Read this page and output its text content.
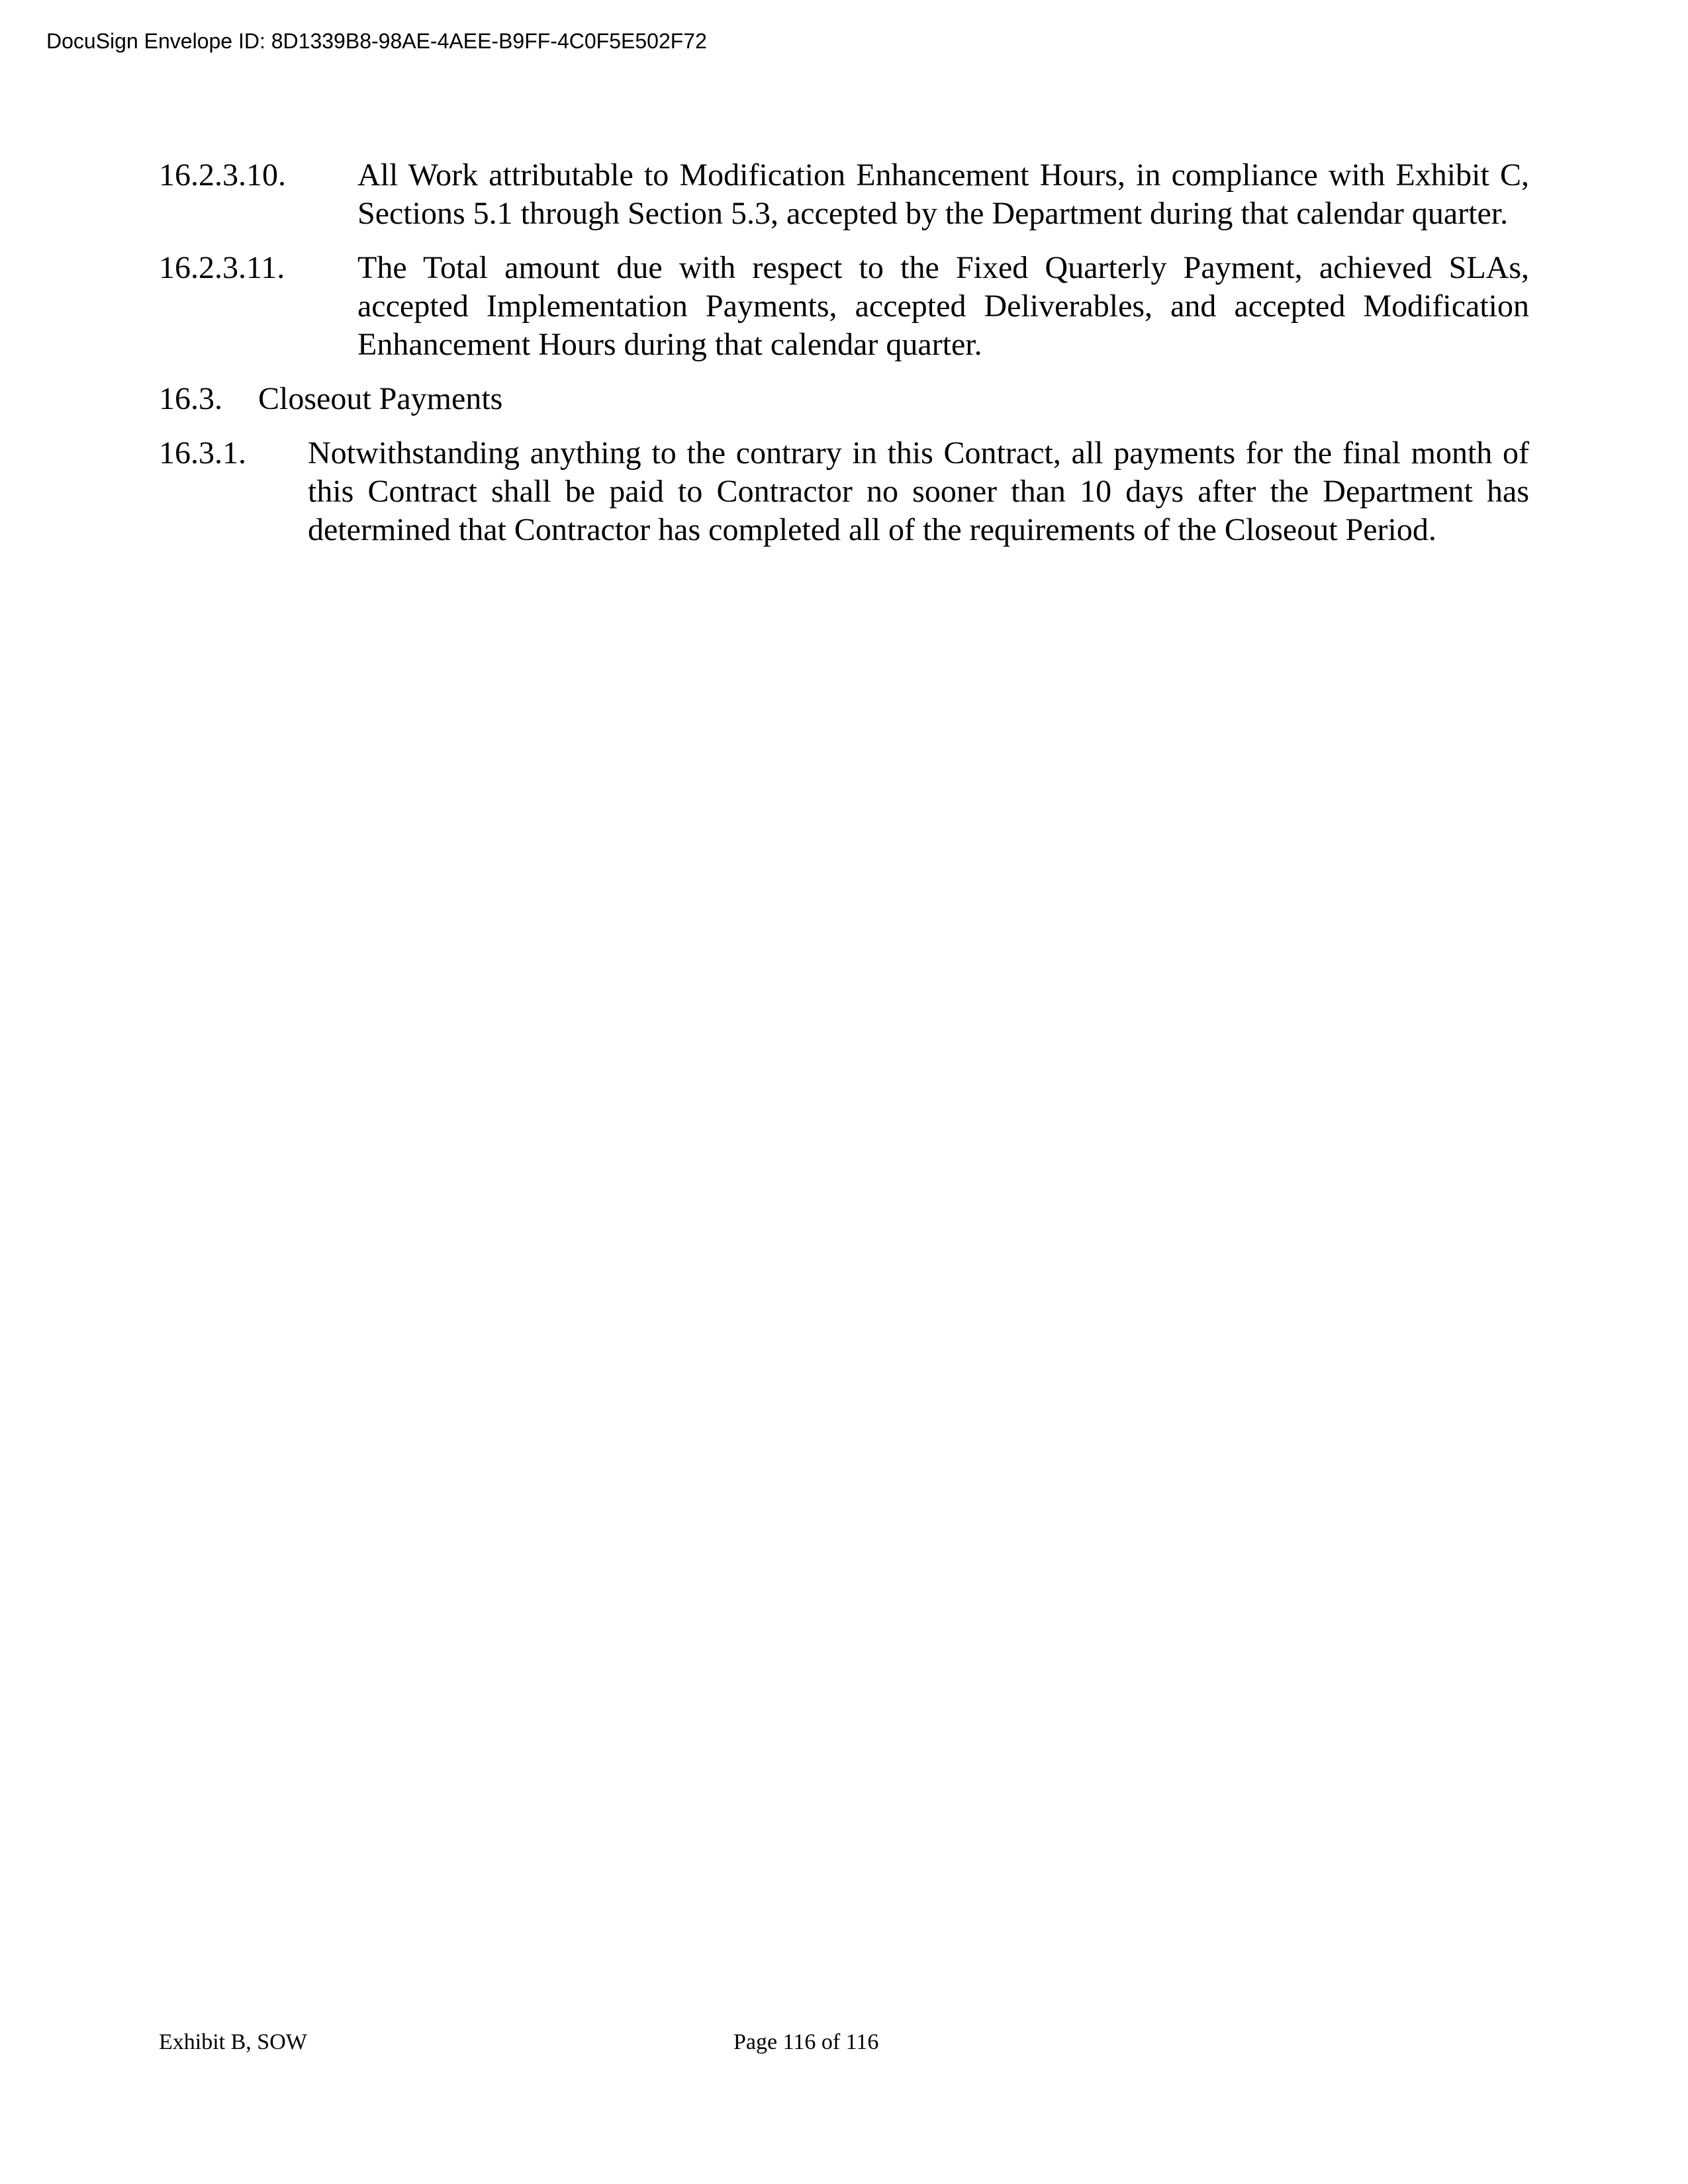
DocuSign Envelope ID: 8D1339B8-98AE-4AEE-B9FF-4C0F5E502F72
16.2.3.10.	All Work attributable to Modification Enhancement Hours, in compliance with Exhibit C, Sections 5.1 through Section 5.3, accepted by the Department during that calendar quarter.
16.2.3.11.	The Total amount due with respect to the Fixed Quarterly Payment, achieved SLAs, accepted Implementation Payments, accepted Deliverables, and accepted Modification Enhancement Hours during that calendar quarter.
16.3.	Closeout Payments
16.3.1.	Notwithstanding anything to the contrary in this Contract, all payments for the final month of this Contract shall be paid to Contractor no sooner than 10 days after the Department has determined that Contractor has completed all of the requirements of the Closeout Period.
Exhibit B, SOW	Page 116 of 116
